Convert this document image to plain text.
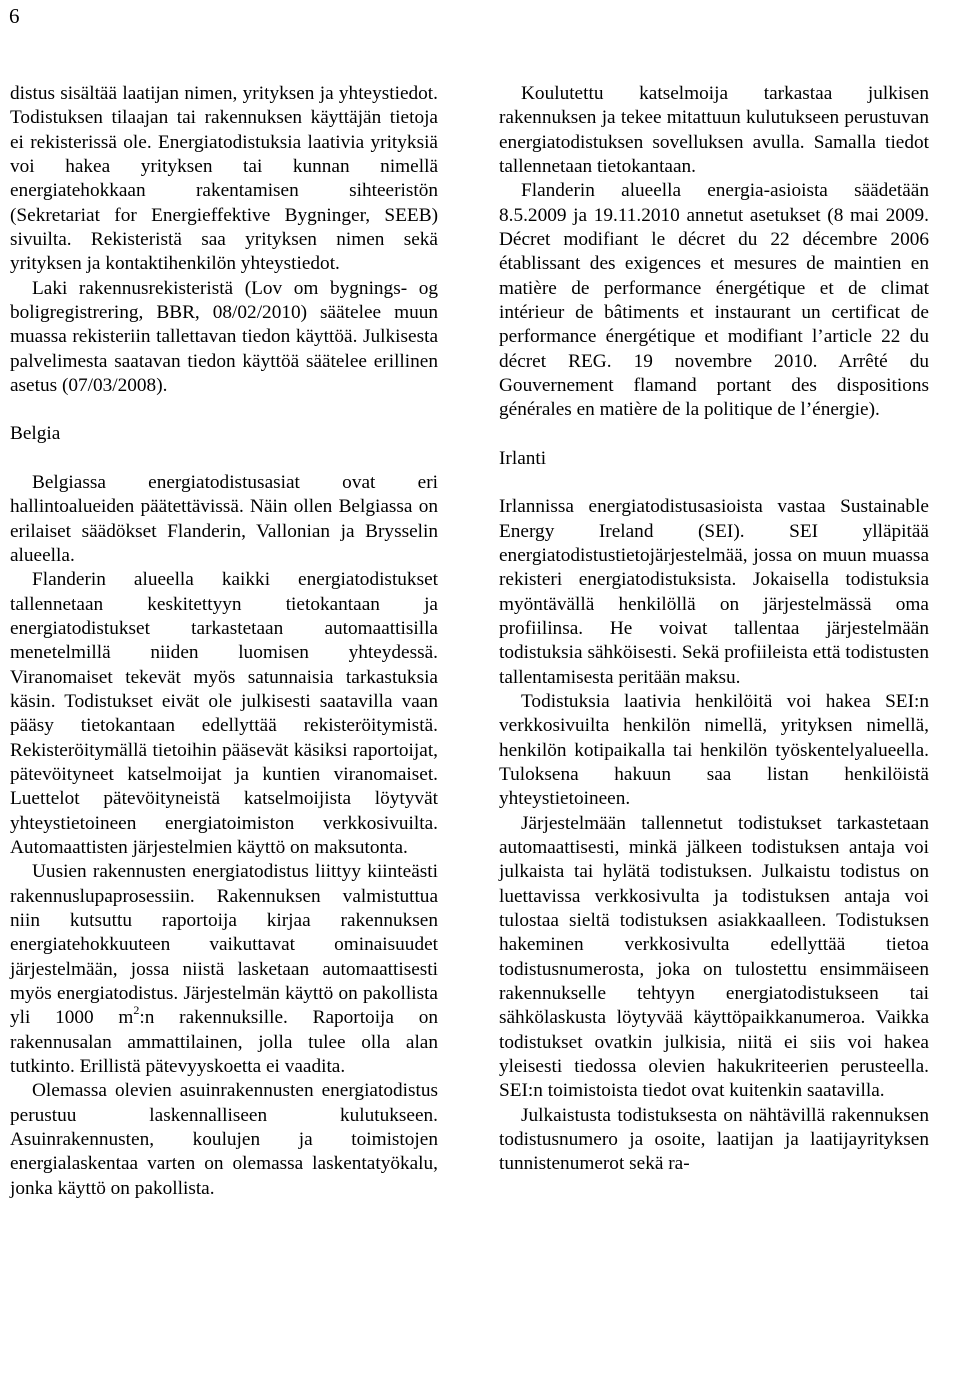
6

distus sisältää laatijan nimen, yrityksen ja yhteystiedot. Todistuksen tilaajan tai rakennuksen käyttäjän tietoja ei rekisterissä ole. Energiatodistuksia laativia yrityksiä voi hakea yrityksen tai kunnan nimellä energiatehokkaan rakentamisen sihteeristön (Sekretariat for Energieffektive Bygninger, SEEB) sivuilta. Rekisteristä saa yrityksen nimen sekä yrityksen ja kontaktihenkilön yhteystiedot.

Laki rakennusrekisteristä (Lov om bygnings- og boligregistrering, BBR, 08/02/2010) säätelee muun muassa rekisteriin tallettavan tiedon käyttöä. Julkisesta palvelimesta saatavan tiedon käyttöä säätelee erillinen asetus (07/03/2008).

Belgia

Belgiassa energiatodistusasiat ovat eri hallintoalueiden päätettävissä. Näin ollen Belgiassa on erilaiset säädökset Flanderin, Vallonian ja Brysselin alueella.

Flanderin alueella kaikki energiatodistukset tallennetaan keskitettyyn tietokantaan ja energiatodistukset tarkastetaan automaattisilla menetelmillä niiden luomisen yhteydessä. Viranomaiset tekevät myös satunnaisia tarkastuksia käsin. Todistukset eivät ole julkisesti saatavilla vaan pääsy tietokantaan edellyttää rekisteröitymistä. Rekisteröitymällä tietoihin pääsevät käsiksi raportoijat, pätevöityneet katselmoijat ja kuntien viranomaiset. Luettelot pätevöityneistä katselmoijista löytyvät yhteystietoineen energiatoimiston verkkosivuilta. Automaattisten järjestelmien käyttö on maksutonta.

Uusien rakennusten energiatodistus liittyy kiinteästi rakennuslupaprosessiin. Rakennuksen valmistuttua niin kutsuttu raportoija kirjaa rakennuksen energiatehokkuuteen vaikuttavat ominaisuudet järjestelmään, jossa niistä lasketaan automaattisesti myös energiatodistus. Järjestelmän käyttö on pakollista yli 1000 $m^2:n$ rakennuksille. Raportoija on rakennusalan ammattilainen, jolla tulee olla alan tutkinto. Erillistä pätevyyskoetta ei vaadita.

Olemassa olevien asuinrakennusten energiatodistus perustuu laskennalliseen kulutukseen. Asuinrakennusten, koulujen ja toimistojen energialaskentaa varten on olemassa laskentatyökalu, jonka käyttö on pakollista.

Koulutettu katselmoija tarkastaa julkisen rakennuksen ja tekee mitattuun kulutukseen perustuvan energiatodistuksen sovelluksen avulla. Samalla tiedot tallennetaan tietokantaan.

Flanderin alueella energia-asioista säädetään 8.5.2009 ja 19.11.2010 annetut asetukset (8 mai 2009. Décret modifiant le décret du 22 décembre 2006 établissant des exigences et mesures de maintien en matière de performance énergétique et de climat intérieur de bâtiments et instaurant un certificat de performance énergétique et modifiant l’article 22 du décret REG. 19 novembre 2010. Arrêté du Gouvernement flamand portant des dispositions générales en matière de la politique de l’énergie).

Irlanti

Irlannissa energiatodistusasioista vastaa Sustainable Energy Ireland (SEI). SEI ylläpitää energiatodistustietojärjestelmää, jossa on muun muassa rekisteri energiatodistuksista. Jokaisella todistuksia myöntävällä henkilöllä on järjestelmässä oma profiilinsa. He voivat tallentaa järjestelmään todistuksia sähköisesti. Sekä profiileista että todistusten tallentamisesta peritään maksu.

Todistuksia laativia henkilöitä voi hakea SEI:n verkkosivuilta henkilön nimellä, yrityksen nimellä, henkilön kotipaikalla tai henkilön työskentelyalueella. Tuloksena hakuun saa listan henkilöistä yhteystietoineen.

Järjestelmään tallennetut todistukset tarkastetaan automaattisesti, minkä jälkeen todistuksen antaja voi julkaista tai hylätä todistuksen. Julkaistu todistus on luettavissa verkkosivulta ja todistuksen antaja voi tulostaa sieltä todistuksen asiakkaalleen. Todistuksen hakeminen verkkosivulta edellyttää tietoa todistusnumerosta, joka on tulostettu ensimmäiseen rakennukselle tehtyyn energiatodistukseen tai sähkölaskusta löytyvää käyttöpaikkanumeroa. Vaikka todistukset ovatkin julkisia, niitä ei siis voi hakea yleisesti tiedossa olevien hakukriteerien perusteella. SEI:n toimistoista tiedot ovat kuitenkin saatavilla.

Julkaistusta todistuksesta on nähtävillä rakennuksen todistusnumero ja osoite, laatijan ja laatijayrityksen tunnistenumerot sekä ra-
